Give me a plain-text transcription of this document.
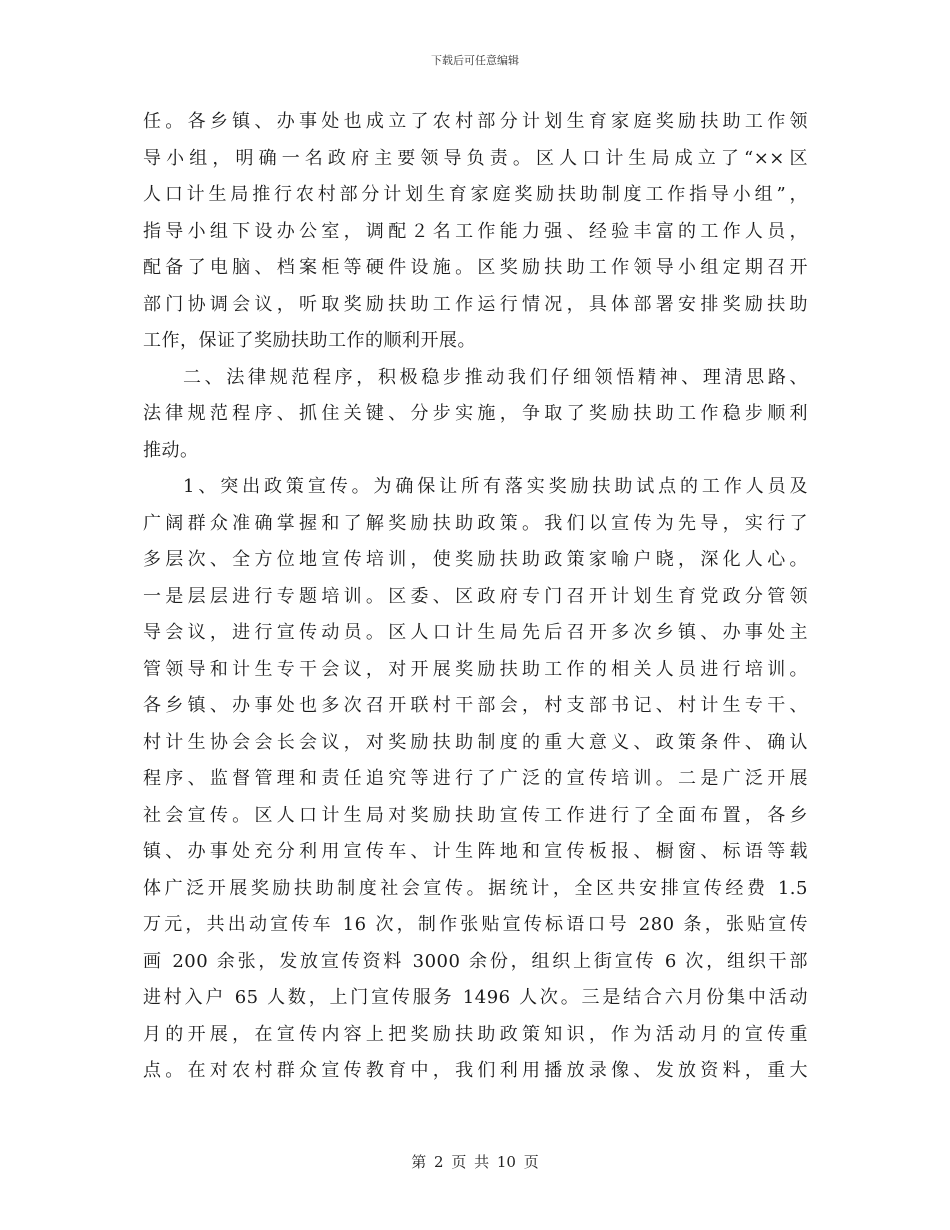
下载后可任意编辑
任。各乡镇、办事处也成立了农村部分计划生育家庭奖励扶助工作领
导小组，明确一名政府主要领导负责。区人口计生局成立了“××区
人口计生局推行农村部分计划生育家庭奖励扶助制度工作指导小组”，
指导小组下设办公室，调配２名工作能力强、经验丰富的工作人员，
配备了电脑、档案柜等硬件设施。区奖励扶助工作领导小组定期召开
部门协调会议，听取奖励扶助工作运行情况，具体部署安排奖励扶助
工作，保证了奖励扶助工作的顺利开展。
二、法律规范程序，积极稳步推动我们仔细领悟精神、理清思路、
法律规范程序、抓住关键、分步实施，争取了奖励扶助工作稳步顺利
推动。
1、突出政策宣传。为确保让所有落实奖励扶助试点的工作人员及
广阔群众准确掌握和了解奖励扶助政策。我们以宣传为先导，实行了
多层次、全方位地宣传培训，使奖励扶助政策家喻户晓，深化人心。
一是层层进行专题培训。区委、区政府专门召开计划生育党政分管领
导会议，进行宣传动员。区人口计生局先后召开多次乡镇、办事处主
管领导和计生专干会议，对开展奖励扶助工作的相关人员进行培训。
各乡镇、办事处也多次召开联村干部会，村支部书记、村计生专干、
村计生协会会长会议，对奖励扶助制度的重大意义、政策条件、确认
程序、监督管理和责任追究等进行了广泛的宣传培训。二是广泛开展
社会宣传。区人口计生局对奖励扶助宣传工作进行了全面布置，各乡
镇、办事处充分利用宣传车、计生阵地和宣传板报、橱窗、标语等载
体广泛开展奖励扶助制度社会宣传。据统计，全区共安排宣传经费 1.5
万元，共出动宣传车 16 次，制作张贴宣传标语口号 280 条，张贴宣传
画 200 余张，发放宣传资料 3000 余份，组织上街宣传 6 次，组织干部
进村入户 65 人数，上门宣传服务 1496 人次。三是结合六月份集中活动
月的开展，在宣传内容上把奖励扶助政策知识，作为活动月的宣传重
点。在对农村群众宣传教育中，我们利用播放录像、发放资料，重大
第 2 页 共 10 页
